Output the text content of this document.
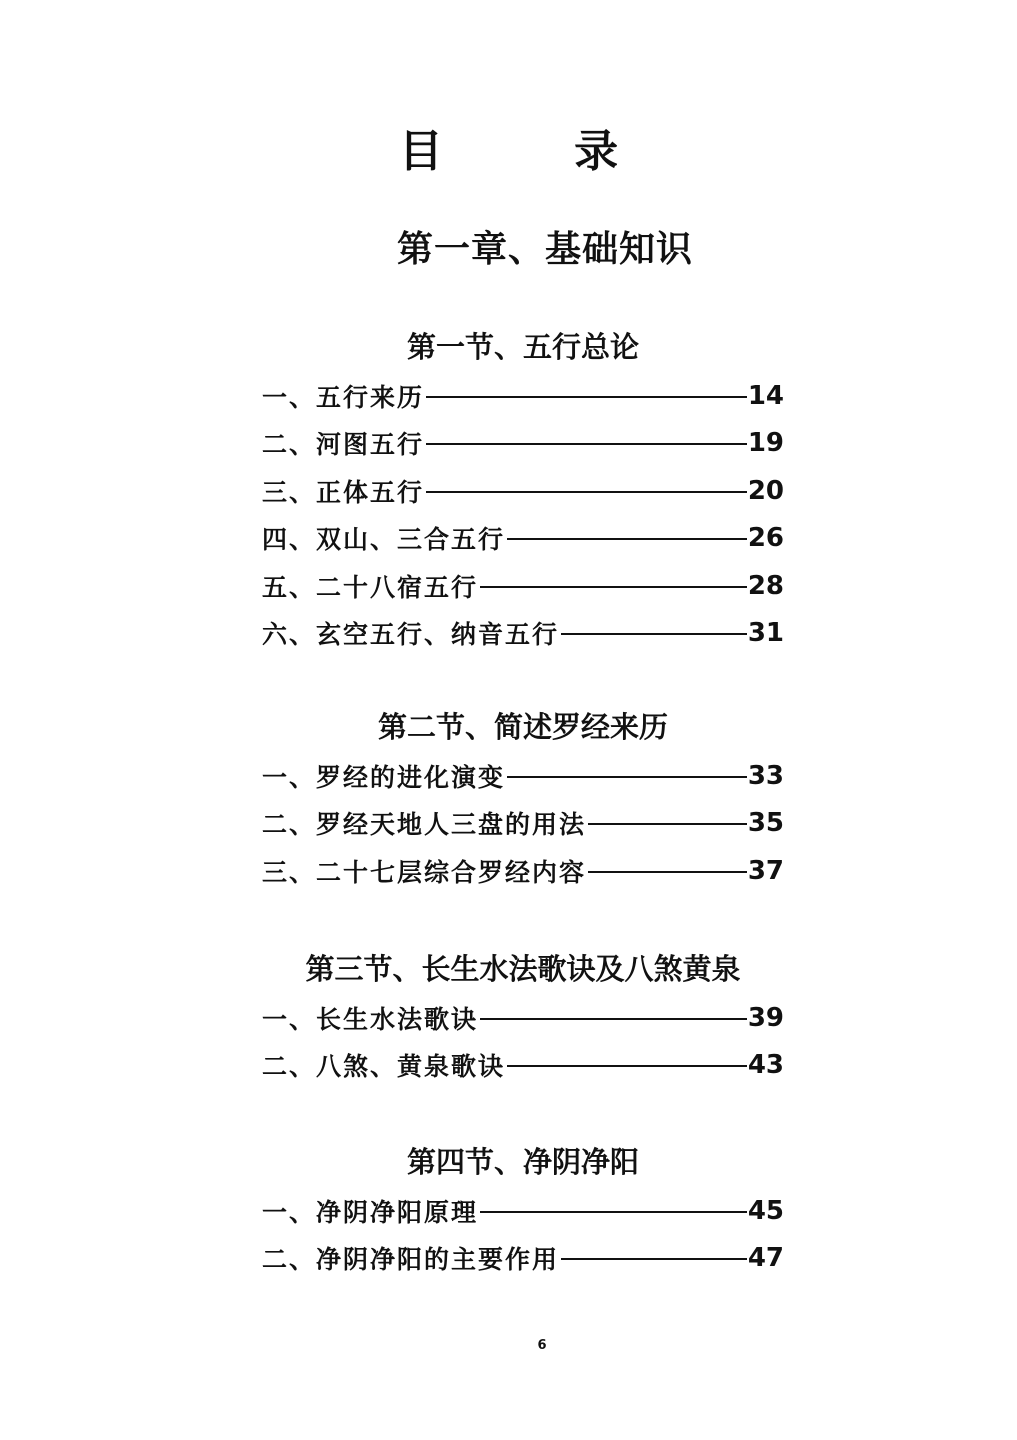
目 录
第一章、基础知识
第一节、五行总论
一、五行来历	14
二、河图五行	19
三、正体五行	20
四、双山、三合五行	26
五、二十八宿五行	28
六、玄空五行、纳音五行	31
第二节、简述罗经来历
一、罗经的进化演变	33
二、罗经天地人三盘的用法	35
三、二十七层综合罗经内容	37
第三节、长生水法歌诀及八煞黄泉
一、长生水法歌诀	39
二、八煞、黄泉歌诀	43
第四节、净阴净阳
一、净阴净阳原理	45
二、净阴净阳的主要作用	47
6
